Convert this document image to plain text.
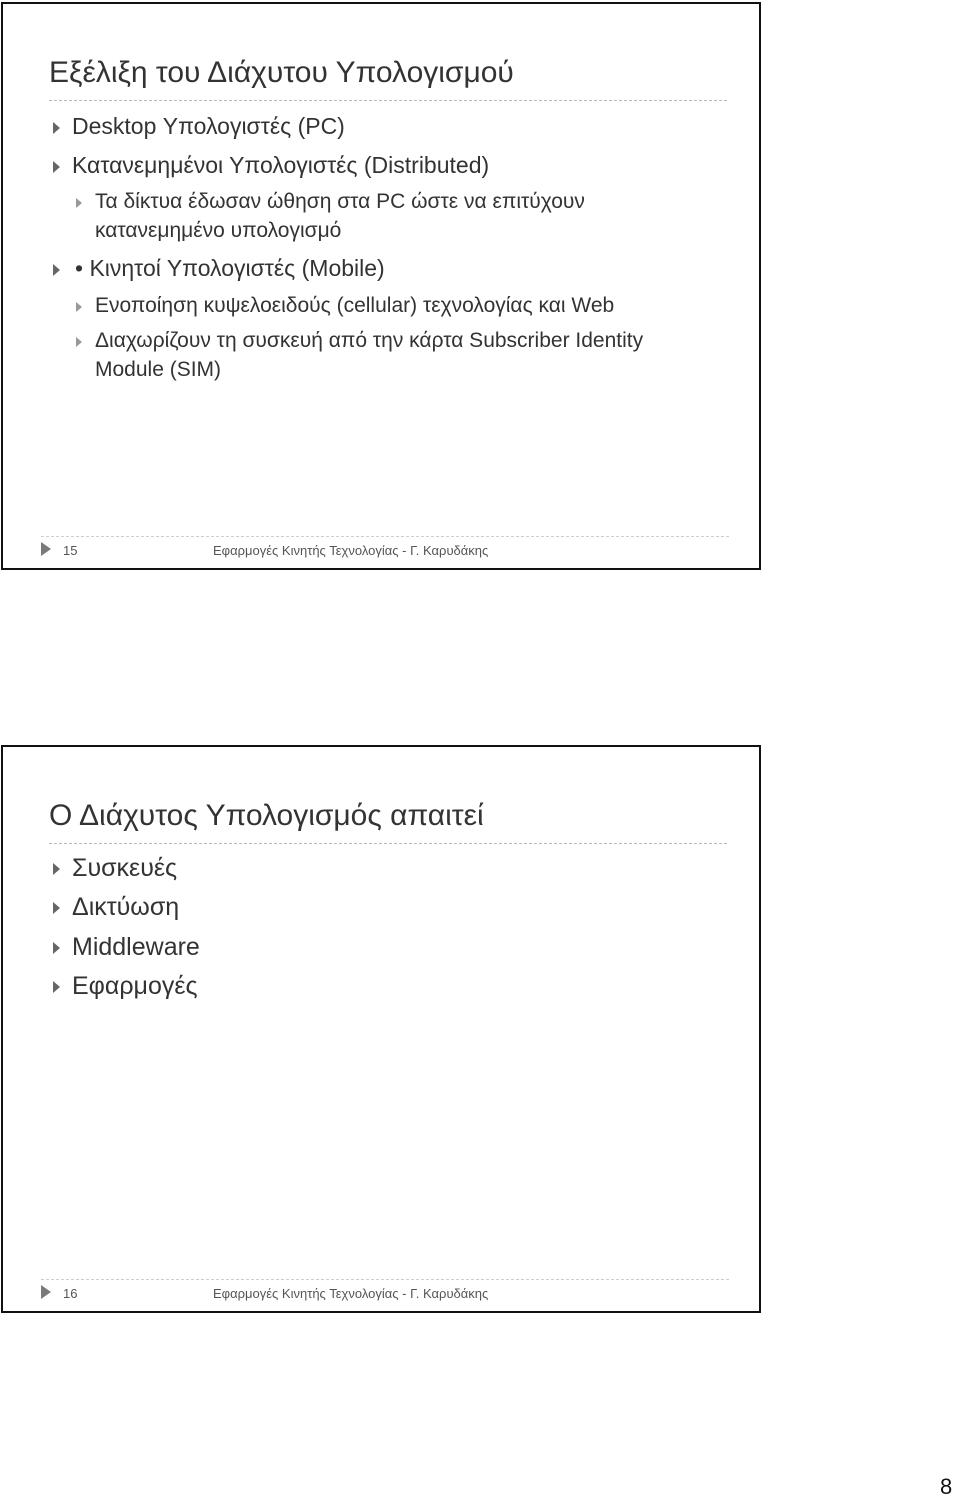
Εξέλιξη του Διάχυτου Υπολογισμού
Desktop Υπολογιστές (PC)
Κατανεμημένοι Υπολογιστές (Distributed)
Τα δίκτυα έδωσαν ώθηση στα PC ώστε να επιτύχουν
κατανεμημένο υπολογισμό
• Κινητοί Υπολογιστές (Mobile)
Ενοποίηση κυψελοειδούς (cellular) τεχνολογίας και Web
Διαχωρίζουν τη συσκευή από την κάρτα Subscriber Identity
Module (SIM)
15	Εφαρμογές Κινητής Τεχνολογίας - Γ. Καρυδάκης
Ο Διάχυτος Υπολογισμός απαιτεί
Συσκευές
Δικτύωση
Middleware
Εφαρμογές
16	Εφαρμογές Κινητής Τεχνολογίας - Γ. Καρυδάκης
8
